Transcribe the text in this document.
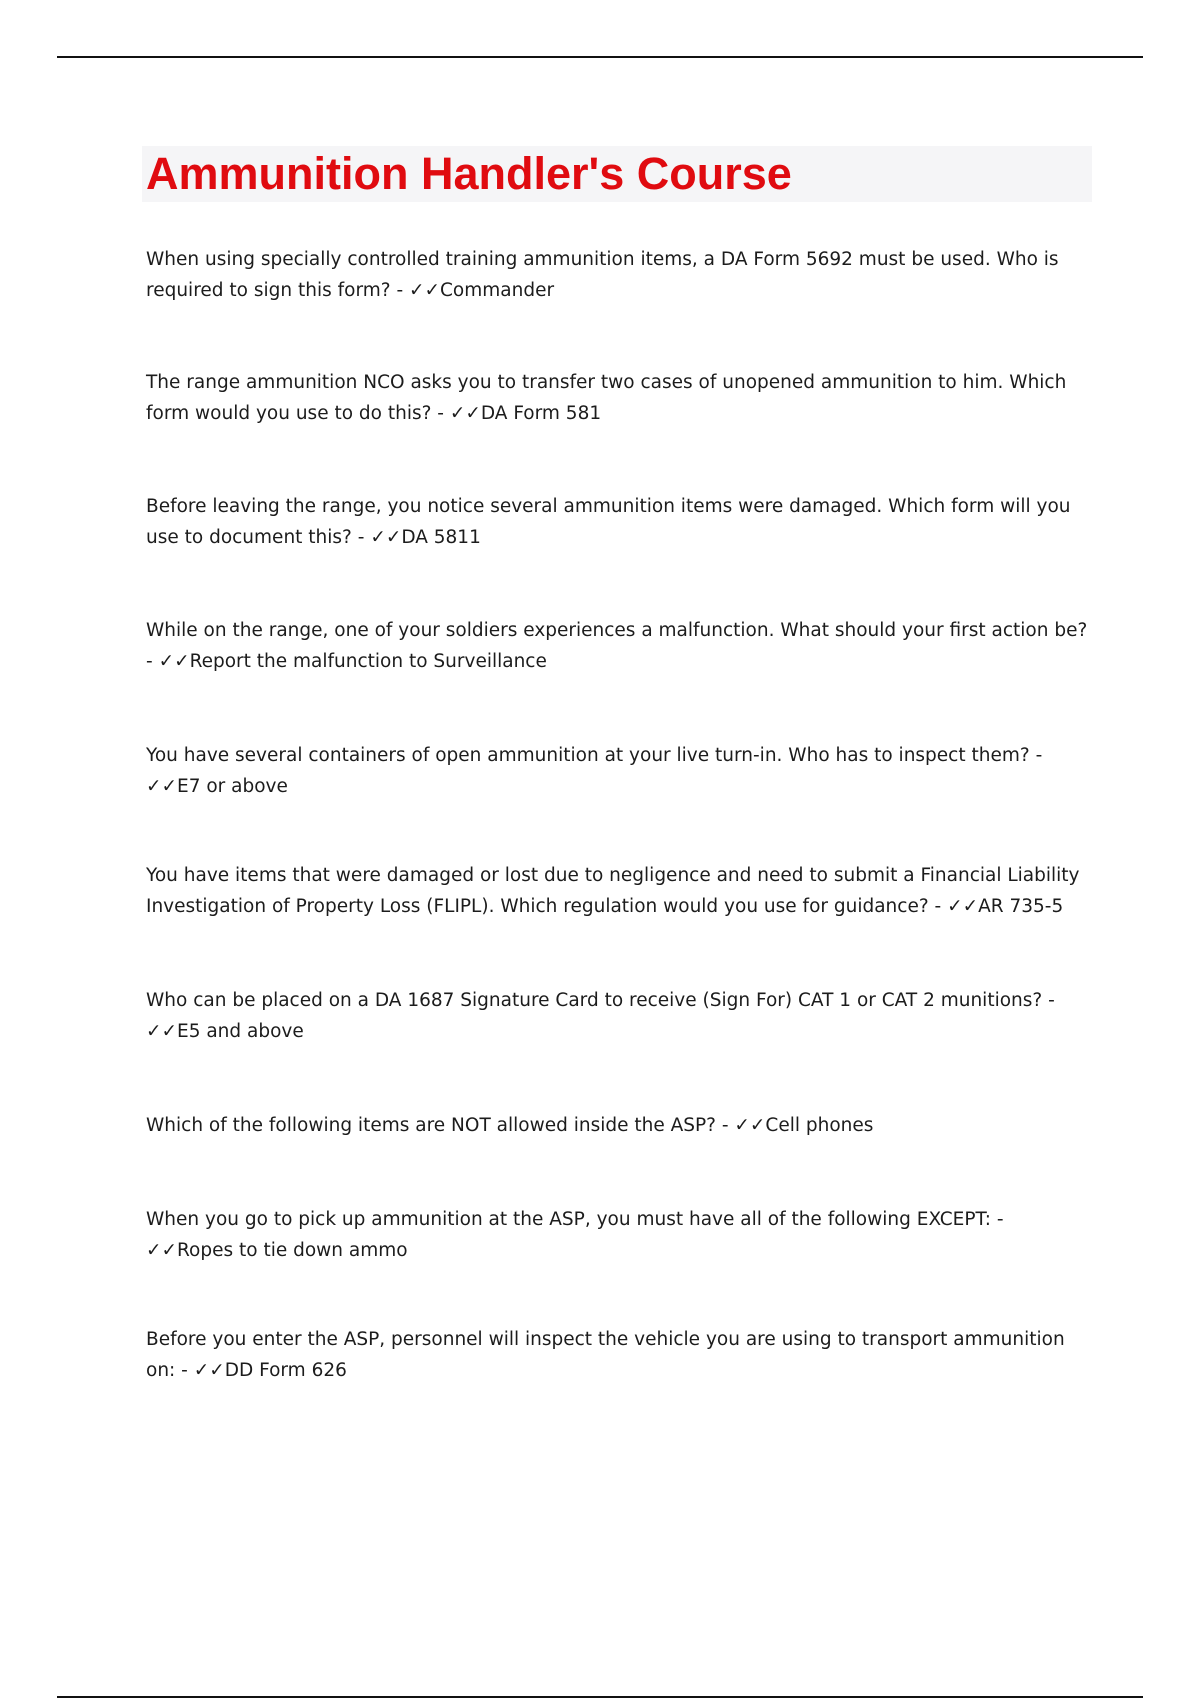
Ammunition Handler's Course

When using specially controlled training ammunition items, a DA Form 5692 must be used. Who is required to sign this form? - ✓✓Commander

The range ammunition NCO asks you to transfer two cases of unopened ammunition to him. Which form would you use to do this? - ✓✓DA Form 581

Before leaving the range, you notice several ammunition items were damaged. Which form will you use to document this? - ✓✓DA 5811

While on the range, one of your soldiers experiences a malfunction. What should your first action be? - ✓✓Report the malfunction to Surveillance

You have several containers of open ammunition at your live turn-in. Who has to inspect them? - ✓✓E7 or above

You have items that were damaged or lost due to negligence and need to submit a Financial Liability Investigation of Property Loss (FLIPL). Which regulation would you use for guidance? - ✓✓AR 735-5

Who can be placed on a DA 1687 Signature Card to receive (Sign For) CAT 1 or CAT 2 munitions? - ✓✓E5 and above

Which of the following items are NOT allowed inside the ASP? - ✓✓Cell phones

When you go to pick up ammunition at the ASP, you must have all of the following EXCEPT: - ✓✓Ropes to tie down ammo

Before you enter the ASP, personnel will inspect the vehicle you are using to transport ammunition on: - ✓✓DD Form 626
